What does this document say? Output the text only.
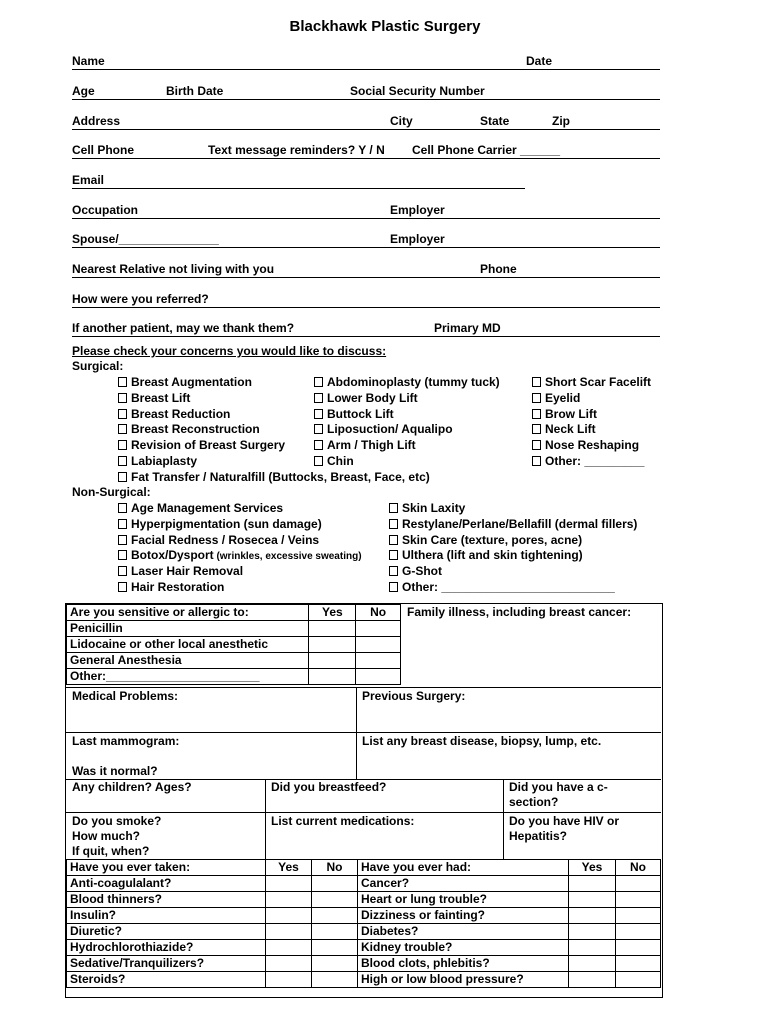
Blackhawk Plastic Surgery
Name	Date
Age	Birth Date	Social Security Number
Address	City	State	Zip
Cell Phone	Text message reminders? Y / N Cell Phone Carrier ______
Email
Occupation	Employer
Spouse/_______________	Employer
Nearest Relative not living with you	Phone
How were you referred?
If another patient, may we thank them?	Primary MD
Please check your concerns you would like to discuss:
Surgical:
Breast Augmentation
Breast Lift
Breast Reduction
Breast Reconstruction
Revision of Breast Surgery
Labiaplasty
Fat Transfer / Naturalfill (Buttocks, Breast, Face, etc)
Abdominoplasty (tummy tuck)
Lower Body Lift
Buttock Lift
Liposuction/ Aqualipo
Arm / Thigh Lift
Chin
Short Scar Facelift
Eyelid
Brow Lift
Neck Lift
Nose Reshaping
Other: _________
Non-Surgical:
Age Management Services
Hyperpigmentation (sun damage)
Facial Redness / Rosecea / Veins
Botox/Dysport (wrinkles, excessive sweating)
Laser Hair Removal
Hair Restoration
Skin Laxity
Restylane/Perlane/Bellafill (dermal fillers)
Skin Care (texture, pores, acne)
Ulthera (lift and skin tightening)
G-Shot
Other: __________________________
Are you sensitive or allergic to:	Yes	No
Penicillin		
Lidocaine or other local anesthetic		
General Anesthesia		
Other:_______________________		
Family illness, including breast cancer:
Medical Problems:	Previous Surgery:
Last mammogram:
Was it normal?
List any breast disease, biopsy, lump, etc.
Any children? Ages?	Did you breastfeed?	Did you have a c-section?
Do you smoke?
How much?
If quit, when?
List current medications:	Do you have HIV or Hepatitis?
Have you ever taken:	Yes	No	Have you ever had:	Yes	No
Anti-coagulalant?			Cancer?		
Blood thinners?			Heart or lung trouble?		
Insulin?			Dizziness or fainting?		
Diuretic?			Diabetes?		
Hydrochlorothiazide?			Kidney trouble?		
Sedative/Tranquilizers?			Blood clots, phlebitis?		
Steroids?			High or low blood pressure?		
